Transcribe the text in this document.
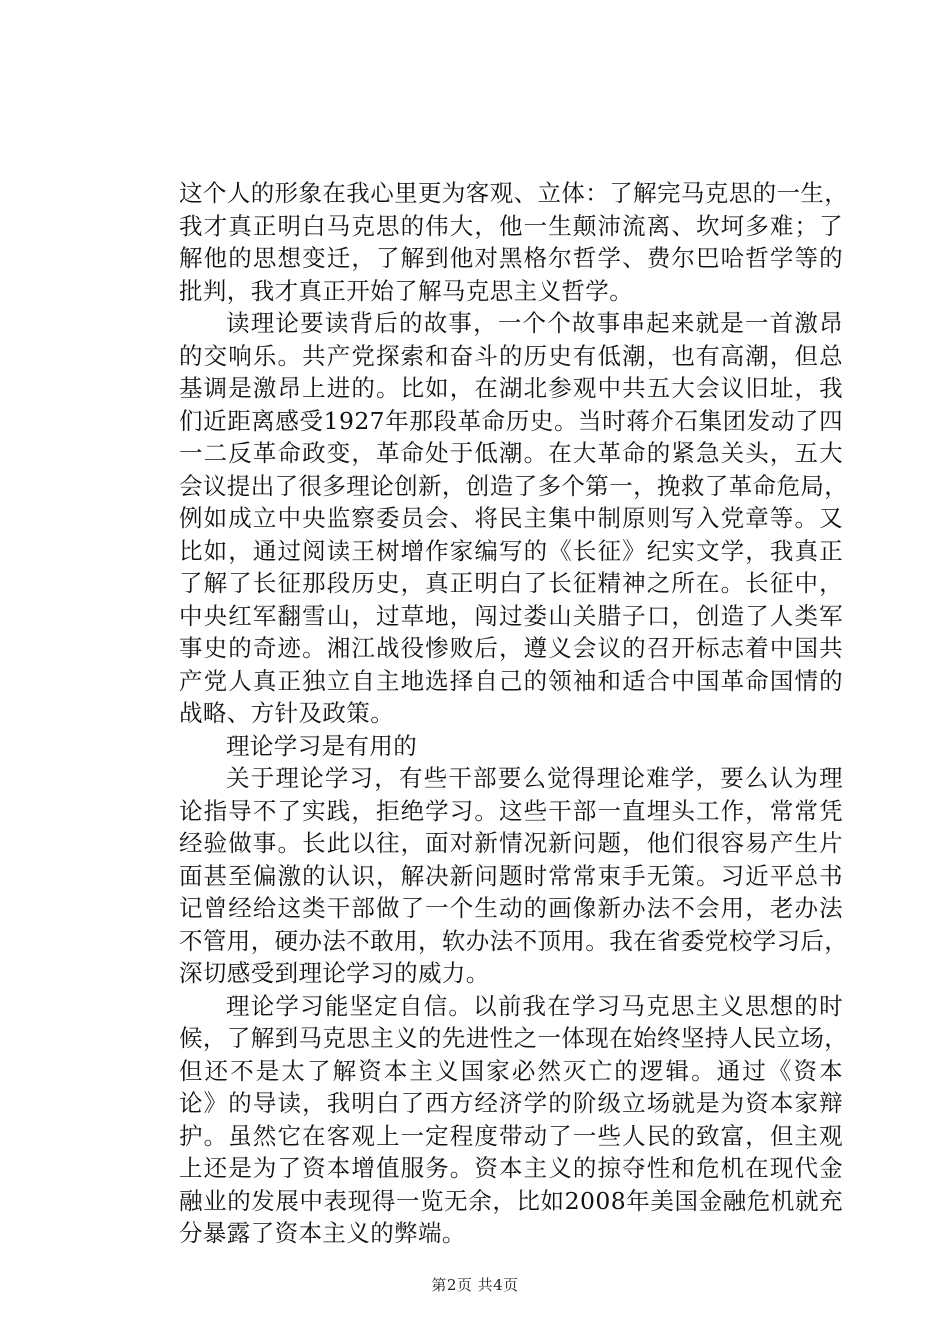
这个人的形象在我心里更为客观、立体：了解完马克思的一生，
我才真正明白马克思的伟大，他一生颠沛流离、坎坷多难；了
解他的思想变迁，了解到他对黑格尔哲学、费尔巴哈哲学等的
批判，我才真正开始了解马克思主义哲学。
读理论要读背后的故事，一个个故事串起来就是一首激昂
的交响乐。共产党探索和奋斗的历史有低潮，也有高潮，但总
基调是激昂上进的。比如，在湖北参观中共五大会议旧址，我
们近距离感受1927年那段革命历史。当时蒋介石集团发动了四
一二反革命政变，革命处于低潮。在大革命的紧急关头，五大
会议提出了很多理论创新，创造了多个第一，挽救了革命危局，
例如成立中央监察委员会、将民主集中制原则写入党章等。又
比如，通过阅读王树增作家编写的《长征》纪实文学，我真正
了解了长征那段历史，真正明白了长征精神之所在。长征中，
中央红军翻雪山，过草地，闯过娄山关腊子口，创造了人类军
事史的奇迹。湘江战役惨败后，遵义会议的召开标志着中国共
产党人真正独立自主地选择自己的领袖和适合中国革命国情的
战略、方针及政策。
理论学习是有用的
关于理论学习，有些干部要么觉得理论难学，要么认为理
论指导不了实践，拒绝学习。这些干部一直埋头工作，常常凭
经验做事。长此以往，面对新情况新问题，他们很容易产生片
面甚至偏激的认识，解决新问题时常常束手无策。习近平总书
记曾经给这类干部做了一个生动的画像新办法不会用，老办法
不管用，硬办法不敢用，软办法不顶用。我在省委党校学习后，
深切感受到理论学习的威力。
理论学习能坚定自信。以前我在学习马克思主义思想的时
候，了解到马克思主义的先进性之一体现在始终坚持人民立场，
但还不是太了解资本主义国家必然灭亡的逻辑。通过《资本
论》的导读，我明白了西方经济学的阶级立场就是为资本家辩
护。虽然它在客观上一定程度带动了一些人民的致富，但主观
上还是为了资本增值服务。资本主义的掠夺性和危机在现代金
融业的发展中表现得一览无余，比如2008年美国金融危机就充
分暴露了资本主义的弊端。
第2页 共4页
